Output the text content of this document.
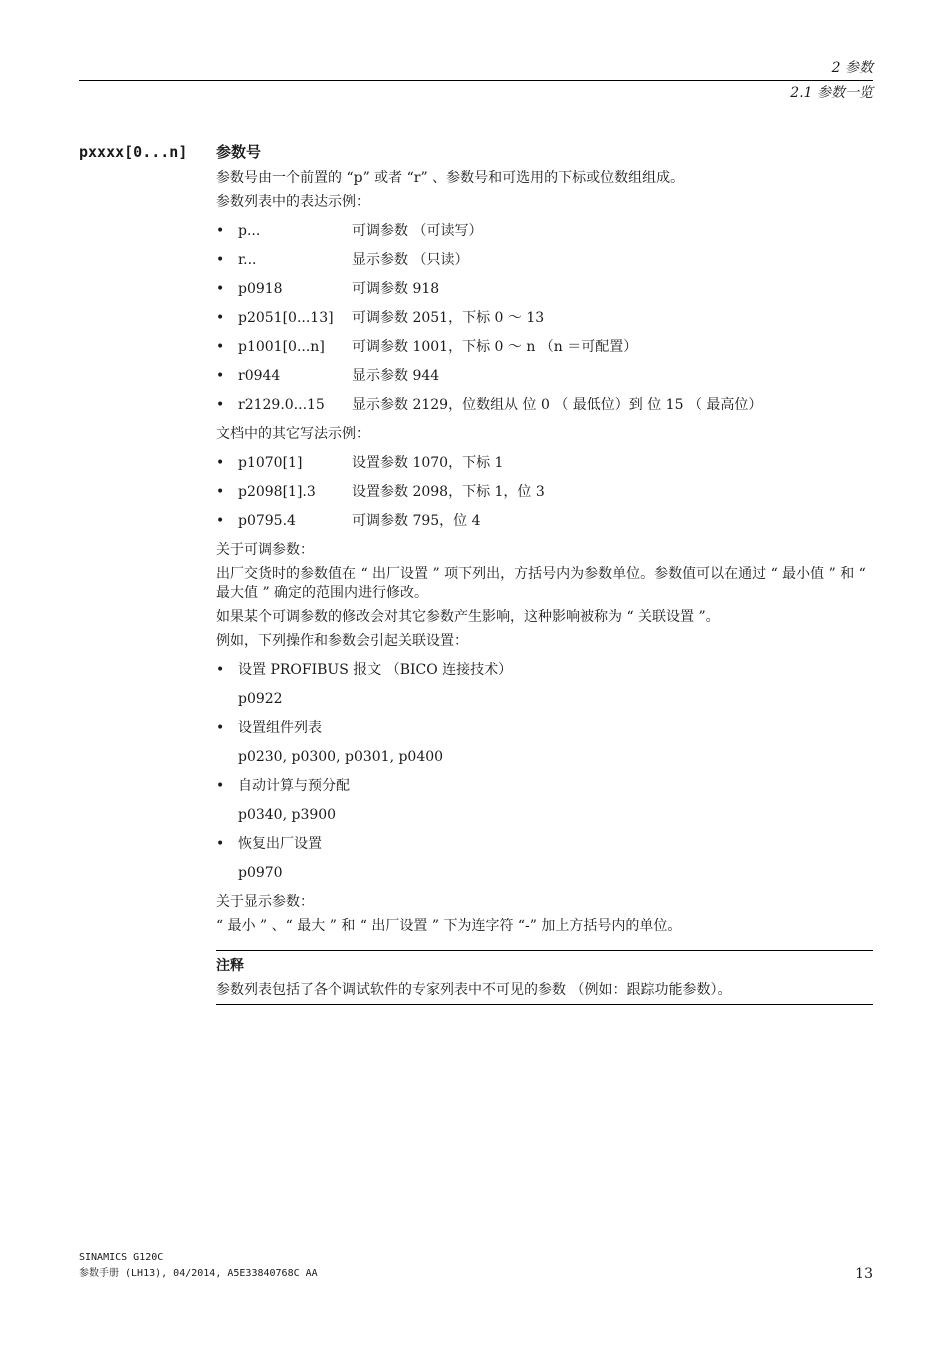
2 参数
2.1 参数一览
pxxxx[0...n] 参数号
参数号由一个前置的 “p” 或者 “r” 、参数号和可选用的下标或位数组组成。
参数列表中的表达示例：
• p...	可调参数 （可读写）
• r...	显示参数 （只读）
• p0918	可调参数 918
• p2051[0...13] 可调参数 2051，下标 0 ～ 13
• p1001[0...n] 可调参数 1001，下标 0 ～ n （n ＝可配置）
• r0944	显示参数 944
• r2129.0...15 显示参数 2129，位数组从 位 0 （ 最低位）到 位 15 （ 最高位）
文档中的其它写法示例：
• p1070[1]	设置参数 1070，下标 1
• p2098[1].3	设置参数 2098，下标 1，位 3
• p0795.4	可调参数 795，位 4
关于可调参数：
出厂交货时的参数值在 “ 出厂设置 ” 项下列出，方括号内为参数单位。参数值可以在通过 “ 最小值 ” 和 “ 最大值 ” 确定的范围内进行修改。
如果某个可调参数的修改会对其它参数产生影响，这种影响被称为 “ 关联设置 ”。
例如，下列操作和参数会引起关联设置：
• 设置 PROFIBUS 报文 （BICO 连接技术）
p0922
• 设置组件列表
p0230, p0300, p0301, p0400
• 自动计算与预分配
p0340, p3900
• 恢复出厂设置
p0970
关于显示参数：
“ 最小 ” 、“ 最大 ” 和 “ 出厂设置 ” 下为连字符 “-” 加上方括号内的单位。
注释
参数列表包括了各个调试软件的专家列表中不可见的参数 （例如：跟踪功能参数）。
SINAMICS G120C
参数手册 (LH13), 04/2014, A5E33840768C AA	13
